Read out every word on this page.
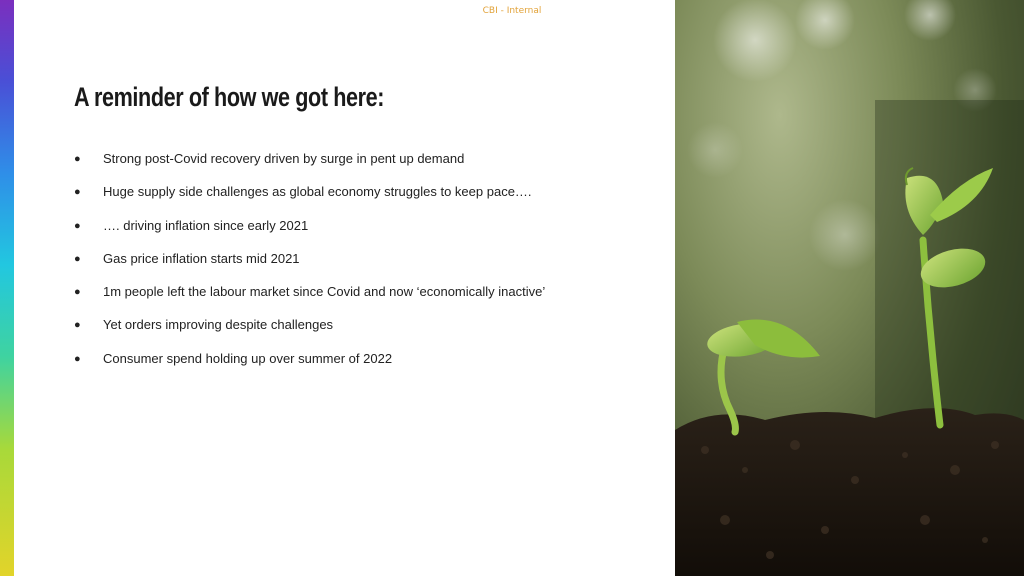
CBI - Internal
A reminder of how we got here:
●	Strong post-Covid recovery driven by surge in pent up demand
●	Huge supply side challenges as global economy struggles to keep pace….
●	…. driving inflation since early 2021
●	Gas price inflation starts mid 2021
●	1m people left the labour market since Covid and now ‘economically inactive’
●	Yet orders improving despite challenges
●	Consumer spend holding up over summer of 2022
